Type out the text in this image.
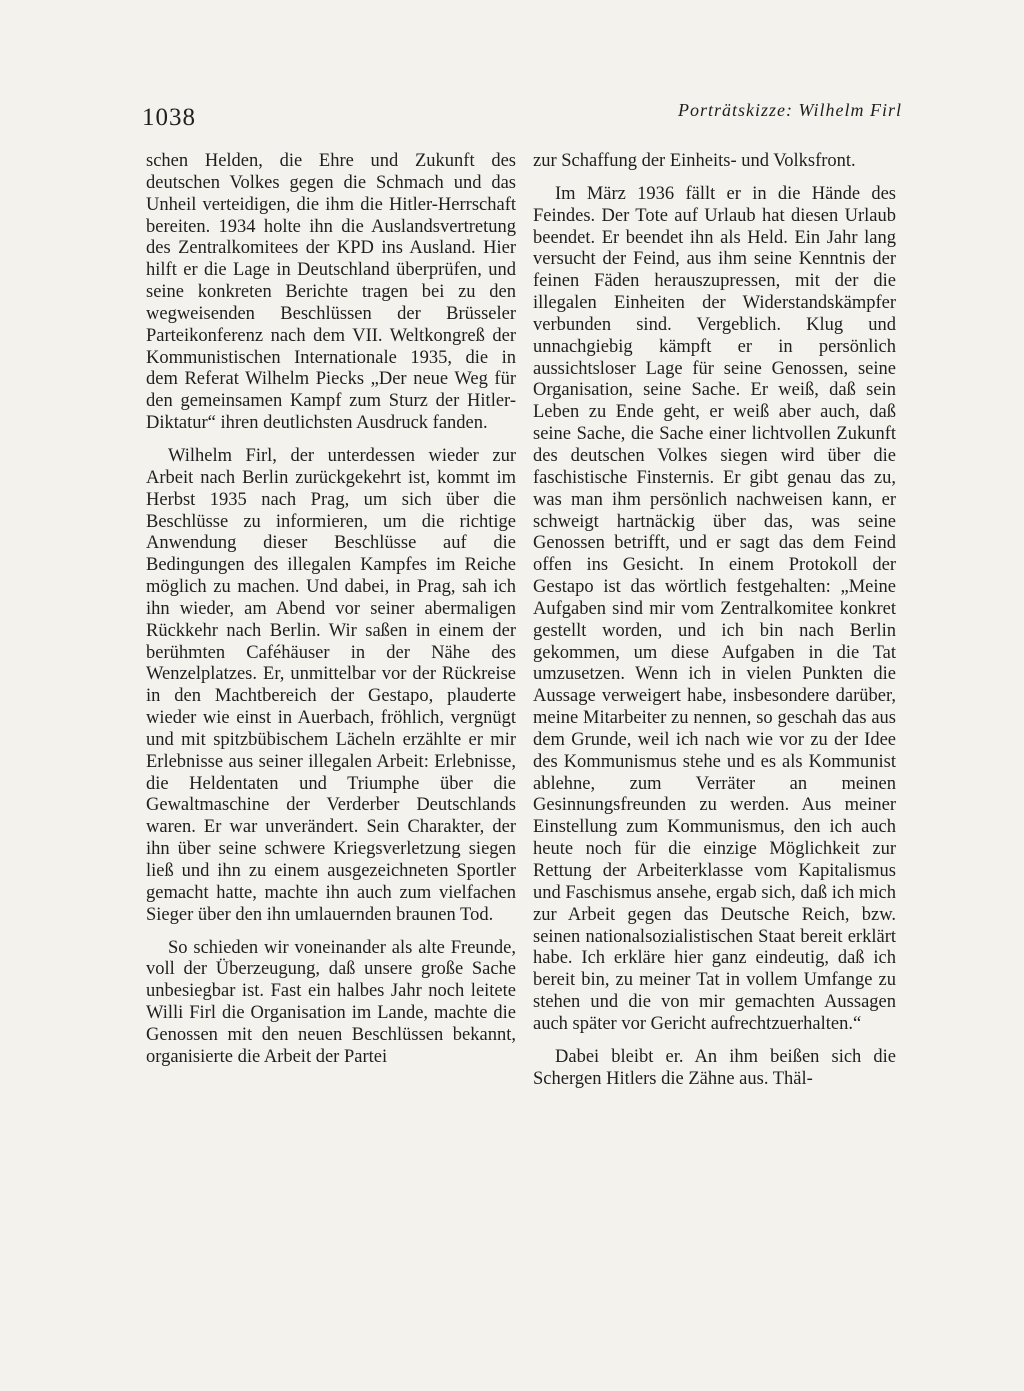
1038	Porträtskizze: Wilhelm Firl

schen Helden, die Ehre und Zukunft des deutschen Volkes gegen die Schmach und das Unheil verteidigen, die ihm die Hitler-Herrschaft bereiten. 1934 holte ihn die Auslandsvertretung des Zentralkomitees der KPD ins Ausland. Hier hilft er die Lage in Deutschland überprüfen, und seine konkreten Berichte tragen bei zu den wegweisenden Beschlüssen der Brüsseler Parteikonferenz nach dem VII. Weltkongreß der Kommunistischen Internationale 1935, die in dem Referat Wilhelm Piecks „Der neue Weg für den gemeinsamen Kampf zum Sturz der Hitler-Diktatur“ ihren deutlichsten Ausdruck fanden.

Wilhelm Firl, der unterdessen wieder zur Arbeit nach Berlin zurückgekehrt ist, kommt im Herbst 1935 nach Prag, um sich über die Beschlüsse zu informieren, um die richtige Anwendung dieser Beschlüsse auf die Bedingungen des illegalen Kampfes im Reiche möglich zu machen. Und dabei, in Prag, sah ich ihn wieder, am Abend vor seiner abermaligen Rückkehr nach Berlin. Wir saßen in einem der berühmten Caféhäuser in der Nähe des Wenzelplatzes. Er, unmittelbar vor der Rückreise in den Machtbereich der Gestapo, plauderte wieder wie einst in Auerbach, fröhlich, vergnügt und mit spitzbübischem Lächeln erzählte er mir Erlebnisse aus seiner illegalen Arbeit: Erlebnisse, die Heldentaten und Triumphe über die Gewaltmaschine der Verderber Deutschlands waren. Er war unverändert. Sein Charakter, der ihn über seine schwere Kriegsverletzung siegen ließ und ihn zu einem ausgezeichneten Sportler gemacht hatte, machte ihn auch zum vielfachen Sieger über den ihn umlauernden braunen Tod.

So schieden wir voneinander als alte Freunde, voll der Überzeugung, daß unsere große Sache unbesiegbar ist. Fast ein halbes Jahr noch leitete Willi Firl die Organisation im Lande, machte die Genossen mit den neuen Beschlüssen bekannt, organisierte die Arbeit der Partei

zur Schaffung der Einheits- und Volksfront.

Im März 1936 fällt er in die Hände des Feindes. Der Tote auf Urlaub hat diesen Urlaub beendet. Er beendet ihn als Held. Ein Jahr lang versucht der Feind, aus ihm seine Kenntnis der feinen Fäden herauszupressen, mit der die illegalen Einheiten der Widerstandskämpfer verbunden sind. Vergeblich. Klug und unnachgiebig kämpft er in persönlich aussichtsloser Lage für seine Genossen, seine Organisation, seine Sache. Er weiß, daß sein Leben zu Ende geht, er weiß aber auch, daß seine Sache, die Sache einer lichtvollen Zukunft des deutschen Volkes siegen wird über die faschistische Finsternis. Er gibt genau das zu, was man ihm persönlich nachweisen kann, er schweigt hartnäckig über das, was seine Genossen betrifft, und er sagt das dem Feind offen ins Gesicht. In einem Protokoll der Gestapo ist das wörtlich festgehalten: „Meine Aufgaben sind mir vom Zentralkomitee konkret gestellt worden, und ich bin nach Berlin gekommen, um diese Aufgaben in die Tat umzusetzen. Wenn ich in vielen Punkten die Aussage verweigert habe, insbesondere darüber, meine Mitarbeiter zu nennen, so geschah das aus dem Grunde, weil ich nach wie vor zu der Idee des Kommunismus stehe und es als Kommunist ablehne, zum Verräter an meinen Gesinnungsfreunden zu werden. Aus meiner Einstellung zum Kommunismus, den ich auch heute noch für die einzige Möglichkeit zur Rettung der Arbeiterklasse vom Kapitalismus und Faschismus ansehe, ergab sich, daß ich mich zur Arbeit gegen das Deutsche Reich, bzw. seinen nationalsozialistischen Staat bereit erklärt habe. Ich erkläre hier ganz eindeutig, daß ich bereit bin, zu meiner Tat in vollem Umfange zu stehen und die von mir gemachten Aussagen auch später vor Gericht aufrechtzuerhalten.“

Dabei bleibt er. An ihm beißen sich die Schergen Hitlers die Zähne aus. Thäl-
